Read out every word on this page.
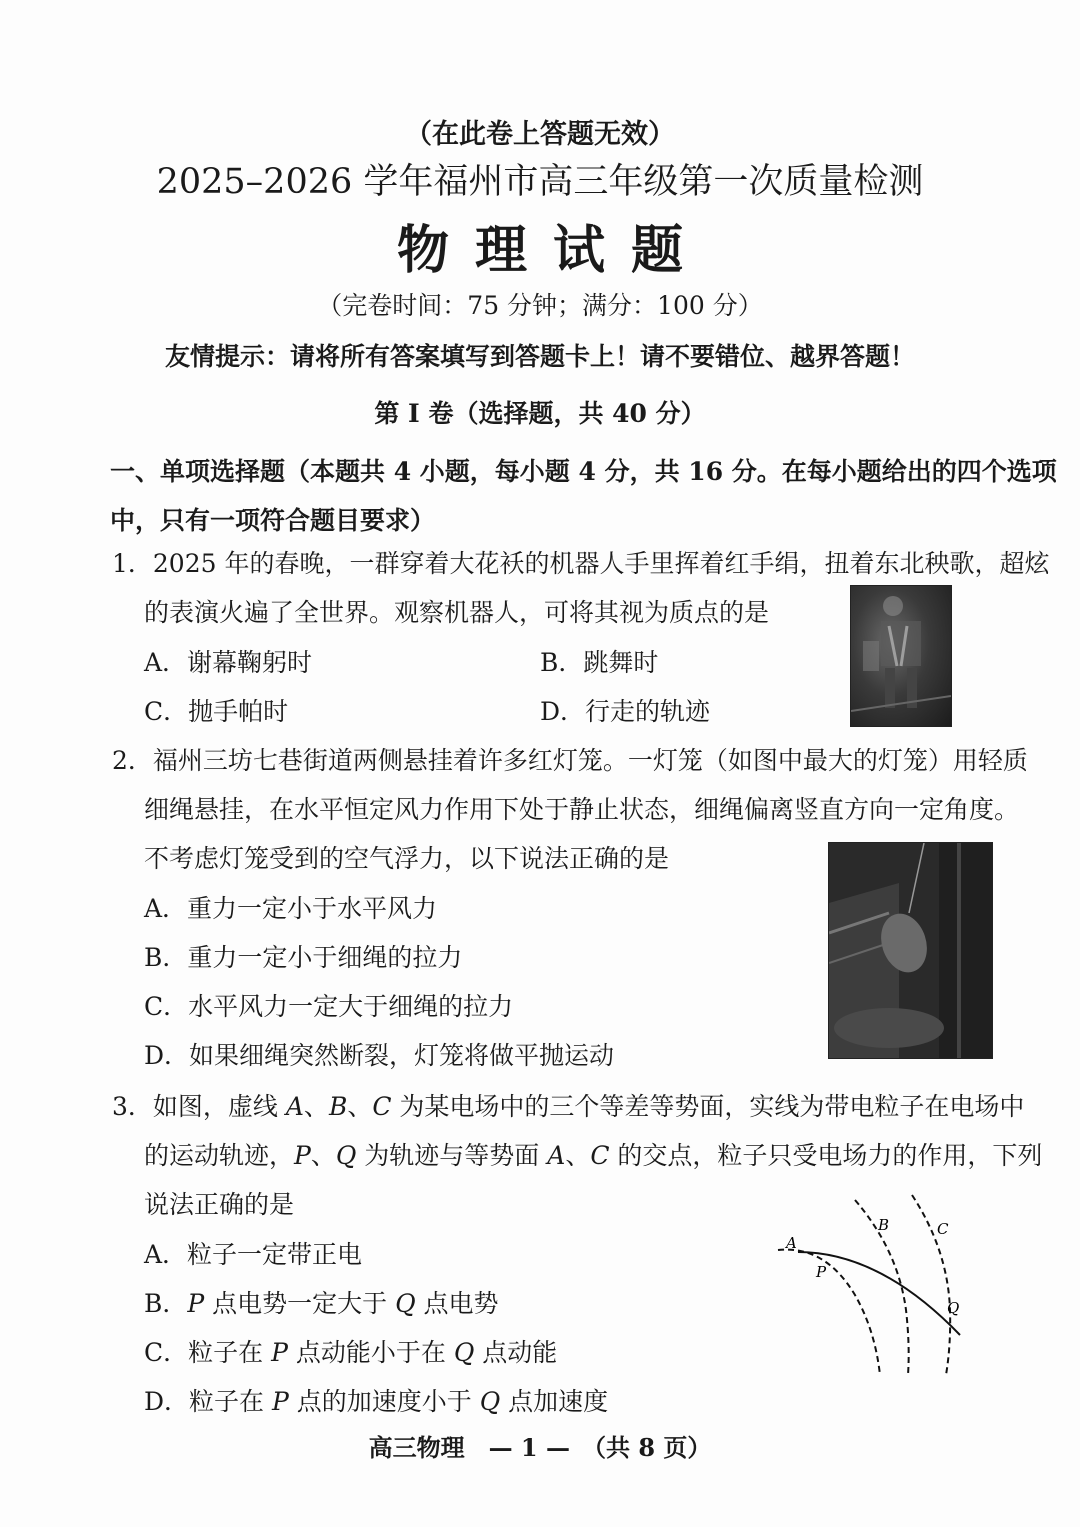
（在此卷上答题无效）
2025–2026 学年福州市高三年级第一次质量检测
物理试题
（完卷时间：75 分钟；满分：100 分）
友情提示：请将所有答案填写到答题卡上！请不要错位、越界答题！
第 I 卷（选择题，共 40 分）
一、单项选择题（本题共 4 小题，每小题 4 分，共 16 分。在每小题给出的四个选项
中，只有一项符合题目要求）
1．2025 年的春晚，一群穿着大花袄的机器人手里挥着红手绢，扭着东北秧歌，超炫
的表演火遍了全世界。观察机器人，可将其视为质点的是
A．谢幕鞠躬时	B．跳舞时
C．抛手帕时	D．行走的轨迹
2．福州三坊七巷街道两侧悬挂着许多红灯笼。一灯笼（如图中最大的灯笼）用轻质
细绳悬挂，在水平恒定风力作用下处于静止状态，细绳偏离竖直方向一定角度。
不考虑灯笼受到的空气浮力，以下说法正确的是
A．重力一定小于水平风力
B．重力一定小于细绳的拉力
C．水平风力一定大于细绳的拉力
D．如果细绳突然断裂，灯笼将做平抛运动
3．如图，虚线 A、B、C 为某电场中的三个等差等势面，实线为带电粒子在电场中
的运动轨迹，P、Q 为轨迹与等势面 A、C 的交点，粒子只受电场力的作用，下列
说法正确的是
A．粒子一定带正电
B．P 点电势一定大于 Q 点电势
C．粒子在 P 点动能小于在 Q 点动能
D．粒子在 P 点的加速度小于 Q 点加速度
A
B	C
P
Q
高三物理　— 1 —　（共 8 页）
